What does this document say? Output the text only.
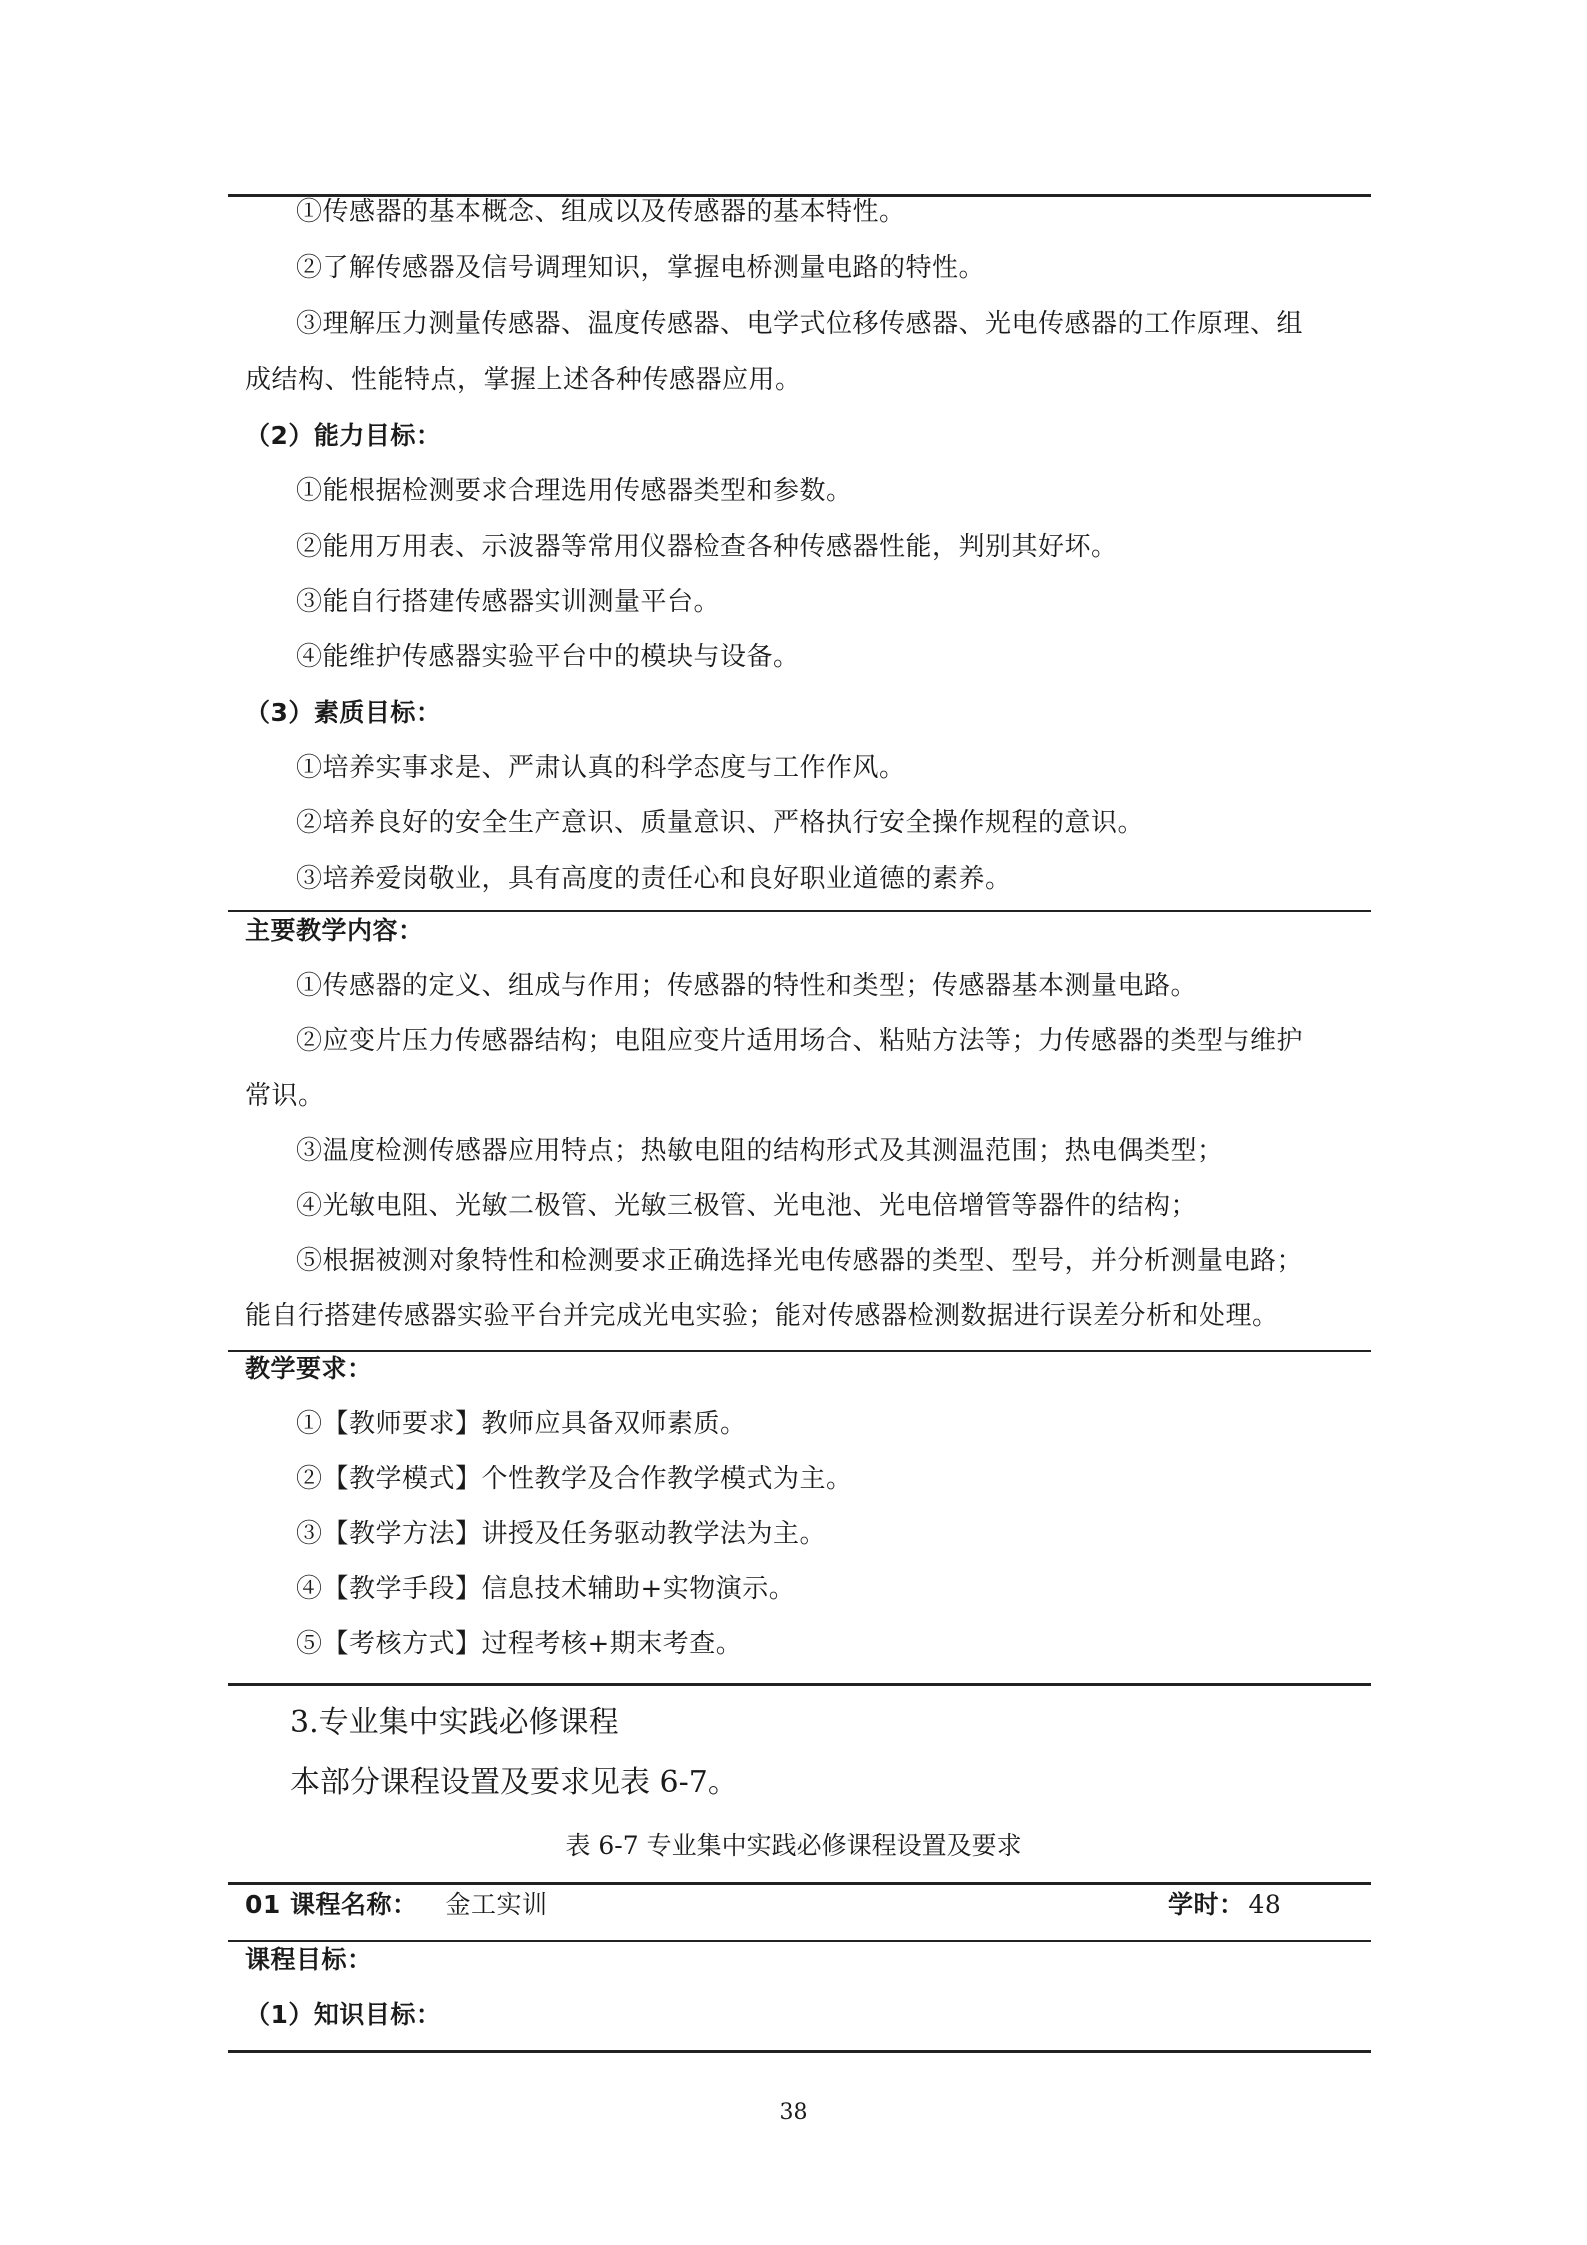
①传感器的基本概念、组成以及传感器的基本特性。
②了解传感器及信号调理知识，掌握电桥测量电路的特性。
③理解压力测量传感器、温度传感器、电学式位移传感器、光电传感器的工作原理、组
成结构、性能特点，掌握上述各种传感器应用。
（2）能力目标：
①能根据检测要求合理选用传感器类型和参数。
②能用万用表、示波器等常用仪器检查各种传感器性能，判别其好坏。
③能自行搭建传感器实训测量平台。
④能维护传感器实验平台中的模块与设备。
（3）素质目标：
①培养实事求是、严肃认真的科学态度与工作作风。
②培养良好的安全生产意识、质量意识、严格执行安全操作规程的意识。
③培养爱岗敬业，具有高度的责任心和良好职业道德的素养。
主要教学内容：
①传感器的定义、组成与作用；传感器的特性和类型；传感器基本测量电路。
②应变片压力传感器结构；电阻应变片适用场合、粘贴方法等；力传感器的类型与维护
常识。
③温度检测传感器应用特点；热敏电阻的结构形式及其测温范围；热电偶类型；
④光敏电阻、光敏二极管、光敏三极管、光电池、光电倍增管等器件的结构；
⑤根据被测对象特性和检测要求正确选择光电传感器的类型、型号，并分析测量电路；
能自行搭建传感器实验平台并完成光电实验；能对传感器检测数据进行误差分析和处理。
教学要求：
①【教师要求】教师应具备双师素质。
②【教学模式】个性教学及合作教学模式为主。
③【教学方法】讲授及任务驱动教学法为主。
④【教学手段】信息技术辅助+实物演示。
⑤【考核方式】过程考核+期末考查。
3.专业集中实践必修课程
本部分课程设置及要求见表 6-7。
表 6-7 专业集中实践必修课程设置及要求
01 课程名称： 金工实训	学时： 48
课程目标：
（1）知识目标：
38
